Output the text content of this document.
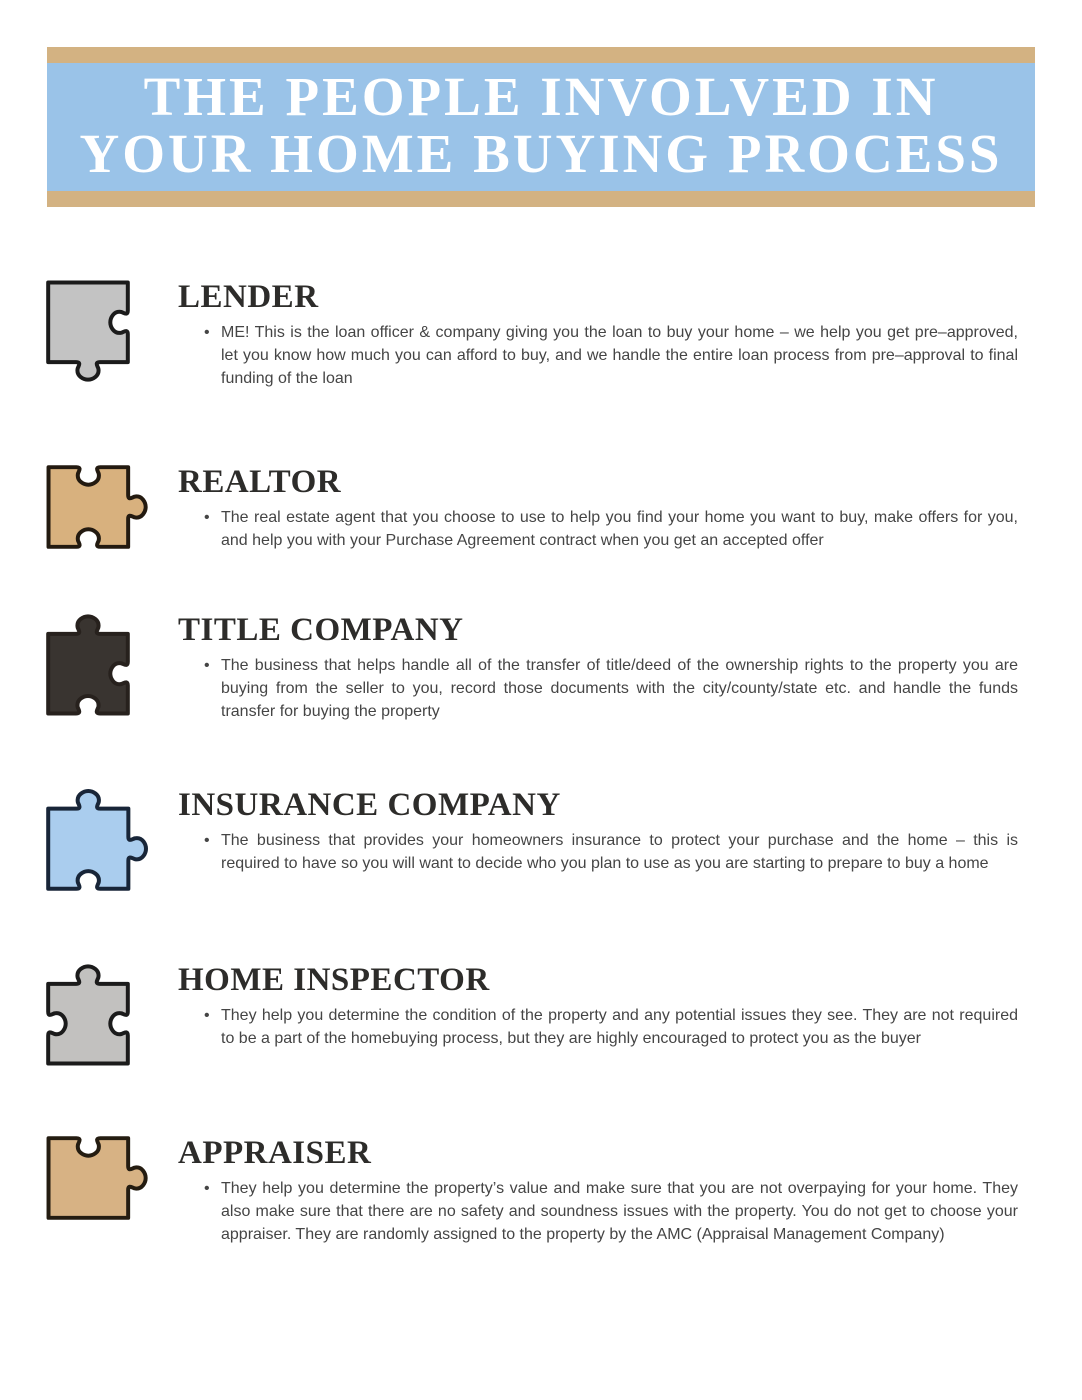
THE PEOPLE INVOLVED IN
YOUR HOME BUYING PROCESS
LENDER
• ME! This is the loan officer & company giving you the loan to buy your home – we help you get pre–approved, let you know how much you can afford to buy, and we handle the entire loan process from pre–approval to final funding of the loan

REALTOR
• The real estate agent that you choose to use to help you find your home you want to buy, make offers for you, and help you with your Purchase Agreement contract when you get an accepted offer

TITLE COMPANY
• The business that helps handle all of the transfer of title/deed of the ownership rights to the property you are buying from the seller to you, record those documents with the city/county/state etc. and handle the funds transfer for buying the property

INSURANCE COMPANY
• The business that provides your homeowners insurance to protect your purchase and the home – this is required to have so you will want to decide who you plan to use as you are starting to prepare to buy a home

HOME INSPECTOR
• They help you determine the condition of the property and any potential issues they see. They are not required to be a part of the homebuying process, but they are highly encouraged to protect you as the buyer

APPRAISER
• They help you determine the property’s value and make sure that you are not overpaying for your home. They also make sure that there are no safety and soundness issues with the property. You do not get to choose your appraiser. They are randomly assigned to the property by the AMC (Appraisal Management Company)
